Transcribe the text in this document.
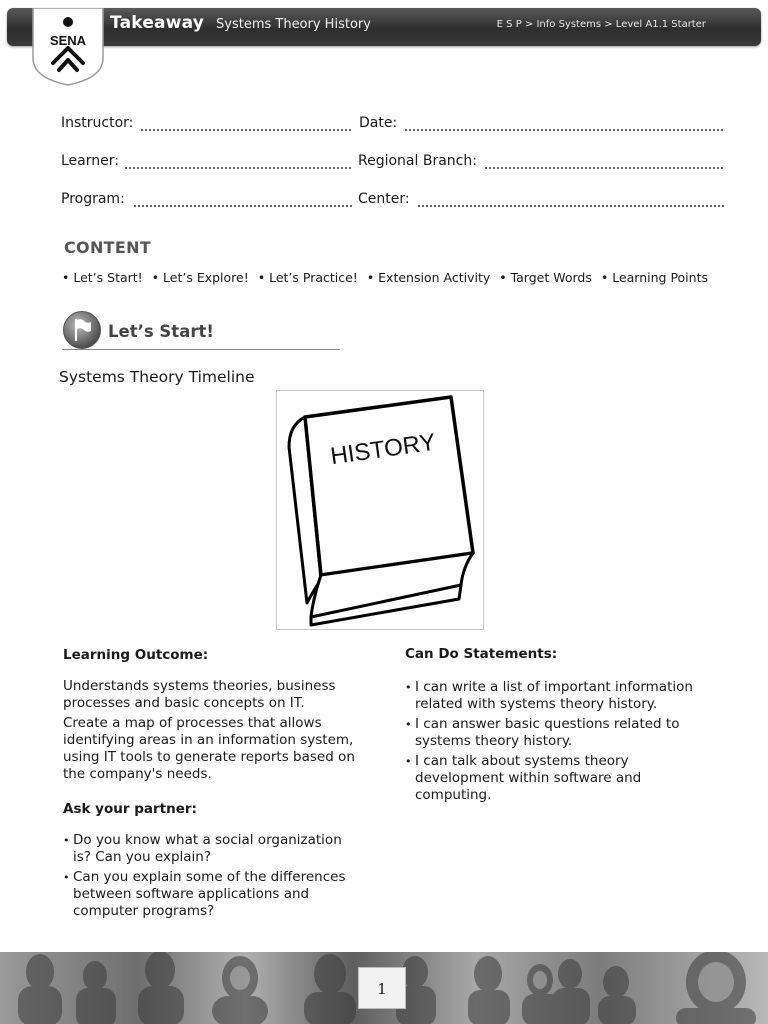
Takeaway Systems Theory History	E S P > Info Systems > Level A1.1 Starter
SENA
Instructor:	Date:
Learner:	Regional Branch:
Program:	Center:
CONTENT
• Let’s Start! • Let’s Explore! • Let’s Practice! • Extension Activity • Target Words • Learning Points
Let’s Start!
Systems Theory Timeline
HISTORY
Learning Outcome:
Understands systems theories, business processes and basic concepts on IT.
Create a map of processes that allows identifying areas in an information system, using IT tools to generate reports based on the company's needs.
Ask your partner:
• Do you know what a social organization is? Can you explain?
• Can you explain some of the differences between software applications and computer programs?
Can Do Statements:
• I can write a list of important information related with systems theory history.
• I can answer basic questions related to systems theory history.
• I can talk about systems theory development within software and computing.
1
